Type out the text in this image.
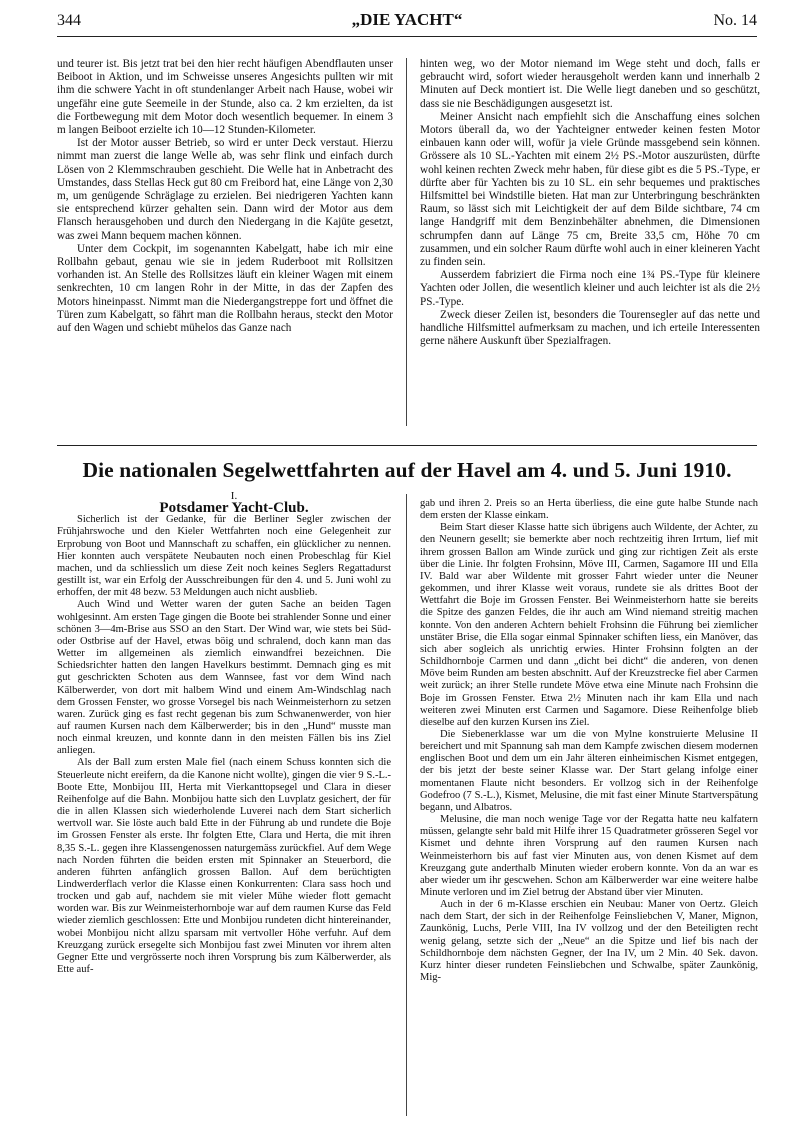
344	„DIE YACHT“	No. 14

und teurer ist. Bis jetzt trat bei den hier recht häufigen Abendflauten unser Beiboot in Aktion, und im Schweisse unseres Angesichts pullten wir mit ihm die schwere Yacht in oft stundenlanger Arbeit nach Hause, wobei wir ungefähr eine gute Seemeile in der Stunde, also ca. 2 km erzielten, da ist die Fortbewegung mit dem Motor doch wesentlich bequemer. In einem 3 m langen Beiboot erzielte ich 10—12 Stunden-Kilometer.

Ist der Motor ausser Betrieb, so wird er unter Deck verstaut. Hierzu nimmt man zuerst die lange Welle ab, was sehr flink und einfach durch Lösen von 2 Klemmschrauben geschieht. Die Welle hat in Anbetracht des Umstandes, dass Stellas Heck gut 80 cm Freibord hat, eine Länge von 2,30 m, um genügende Schräglage zu erzielen. Bei niedrigeren Yachten kann sie entsprechend kürzer gehalten sein. Dann wird der Motor aus dem Flansch herausgehoben und durch den Niedergang in die Kajüte gesetzt, was zwei Mann bequem machen können.

Unter dem Cockpit, im sogenannten Kabelgatt, habe ich mir eine Rollbahn gebaut, genau wie sie in jedem Ruderboot mit Rollsitzen vorhanden ist. An Stelle des Rollsitzes läuft ein kleiner Wagen mit einem senkrechten, 10 cm langen Rohr in der Mitte, in das der Zapfen des Motors hineinpasst. Nimmt man die Niedergangstreppe fort und öffnet die Türen zum Kabelgatt, so fährt man die Rollbahn heraus, steckt den Motor auf den Wagen und schiebt mühelos das Ganze nach

hinten weg, wo der Motor niemand im Wege steht und doch, falls er gebraucht wird, sofort wieder herausgeholt werden kann und innerhalb 2 Minuten auf Deck montiert ist. Die Welle liegt daneben und so geschützt, dass sie nie Beschädigungen ausgesetzt ist.

Meiner Ansicht nach empfiehlt sich die Anschaffung eines solchen Motors überall da, wo der Yachteigner entweder keinen festen Motor einbauen kann oder will, wofür ja viele Gründe massgebend sein können. Grössere als 10 SL.-Yachten mit einem 2½ PS.-Motor auszurüsten, dürfte wohl keinen rechten Zweck mehr haben, für diese gibt es die 5 PS.-Type, er dürfte aber für Yachten bis zu 10 SL. ein sehr bequemes und praktisches Hilfsmittel bei Windstille bieten. Hat man zur Unterbringung beschränkten Raum, so lässt sich mit Leichtigkeit der auf dem Bilde sichtbare, 74 cm lange Handgriff mit dem Benzinbehälter abnehmen, die Dimensionen schrumpfen dann auf Länge 75 cm, Breite 33,5 cm, Höhe 70 cm zusammen, und ein solcher Raum dürfte wohl auch in einer kleineren Yacht zu finden sein.

Ausserdem fabriziert die Firma noch eine 1¾ PS.-Type für kleinere Yachten oder Jollen, die wesentlich kleiner und auch leichter ist als die 2½ PS.-Type.

Zweck dieser Zeilen ist, besonders die Tourensegler auf das nette und handliche Hilfsmittel aufmerksam zu machen, und ich erteile Interessenten gerne nähere Auskunft über Spezialfragen.

Die nationalen Segelwettfahrten auf der Havel am 4. und 5. Juni 1910.

I.

Potsdamer Yacht-Club.

Sicherlich ist der Gedanke, für die Berliner Segler zwischen der Frühjahrswoche und den Kieler Wettfahrten noch eine Gelegenheit zur Erprobung von Boot und Mannschaft zu schaffen, ein glücklicher zu nennen. Hier konnten auch verspätete Neubauten noch einen Probeschlag für Kiel machen, und da schliesslich um diese Zeit noch keines Seglers Regattadurst gestillt ist, war ein Erfolg der Ausschreibungen für den 4. und 5. Juni wohl zu erhoffen, der mit 48 bezw. 53 Meldungen auch nicht ausblieb.

Auch Wind und Wetter waren der guten Sache an beiden Tagen wohlgesinnt. Am ersten Tage gingen die Boote bei strahlender Sonne und einer schönen 3—4m-Brise aus SSO an den Start. Der Wind war, wie stets bei Süd- oder Ostbrise auf der Havel, etwas böig und schralend, doch kann man das Wetter im allgemeinen als ziemlich einwandfrei bezeichnen. Die Schiedsrichter hatten den langen Havelkurs bestimmt. Demnach ging es mit gut geschrickten Schoten aus dem Wannsee, fast vor dem Wind nach Kälberwerder, von dort mit halbem Wind und einem Am-Windschlag nach dem Grossen Fenster, wo grosse Vorsegel bis nach Weinmeisterhorn zu setzen waren. Zurück ging es fast recht gegenan bis zum Schwanenwerder, von hier auf raumen Kursen nach dem Kälberwerder; bis in den „Hund“ musste man noch einmal kreuzen, und konnte dann in den meisten Fällen bis ins Ziel anliegen.

Als der Ball zum ersten Male fiel (nach einem Schuss konnten sich die Steuerleute nicht ereifern, da die Kanone nicht wollte), gingen die vier 9 S.-L.-Boote Ette, Monbijou III, Herta mit Vierkanttopsegel und Clara in dieser Reihenfolge auf die Bahn. Monbijou hatte sich den Luvplatz gesichert, der für die in allen Klassen sich wiederholende Luverei nach dem Start sicherlich wertvoll war. Sie löste auch bald Ette in der Führung ab und rundete die Boje im Grossen Fenster als erste. Ihr folgten Ette, Clara und Herta, die mit ihren 8,35 S.-L. gegen ihre Klassengenossen naturgemäss zurückfiel. Auf dem Wege nach Norden führten die beiden ersten mit Spinnaker an Steuerbord, die anderen führten anfänglich grossen Ballon. Auf dem berüchtigten Lindwerderflach verlor die Klasse einen Konkurrenten: Clara sass hoch und trocken und gab auf, nachdem sie mit vieler Mühe wieder flott gemacht worden war. Bis zur Weinmeisterhornboje war auf dem raumen Kurse das Feld wieder ziemlich geschlossen: Ette und Monbijou rundeten dicht hintereinander, wobei Monbijou nicht allzu sparsam mit vertvoller Höhe verfuhr. Auf dem Kreuzgang zurück ersegelte sich Monbijou fast zwei Minuten vor ihrem alten Gegner Ette und vergrösserte noch ihren Vorsprung bis zum Kälberwerder, als Ette auf-

gab und ihren 2. Preis so an Herta überliess, die eine gute halbe Stunde nach dem ersten der Klasse einkam.

Beim Start dieser Klasse hatte sich übrigens auch Wildente, der Achter, zu den Neunern gesellt; sie bemerkte aber noch rechtzeitig ihren Irrtum, lief mit ihrem grossen Ballon am Winde zurück und ging zur richtigen Zeit als erste über die Linie. Ihr folgten Frohsinn, Möve III, Carmen, Sagamore III und Ella IV. Bald war aber Wildente mit grosser Fahrt wieder unter die Neuner gekommen, und ihrer Klasse weit voraus, rundete sie als drittes Boot der Wettfahrt die Boje im Grossen Fenster. Bei Weinmeisterhorn hatte sie bereits die Spitze des ganzen Feldes, die ihr auch am Wind niemand streitig machen konnte. Von den anderen Achtern behielt Frohsinn die Führung bei ziemlicher unstäter Brise, die Ella sogar einmal Spinnaker schiften liess, ein Manöver, das sich aber sogleich als unrichtig erwies. Hinter Frohsinn folgten an der Schildhornboje Carmen und dann „dicht bei dicht“ die anderen, von denen Möve beim Runden am besten abschnitt. Auf der Kreuzstrecke fiel aber Carmen weit zurück; an ihrer Stelle rundete Möve etwa eine Minute nach Frohsinn die Boje im Grossen Fenster. Etwa 2½ Minuten nach ihr kam Ella und nach weiteren zwei Minuten erst Carmen und Sagamore. Diese Reihenfolge blieb dieselbe auf den kurzen Kursen ins Ziel.

Die Siebenerklasse war um die von Mylne konstruierte Melusine II bereichert und mit Spannung sah man dem Kampfe zwischen diesem modernen englischen Boot und dem um ein Jahr älteren einheimischen Kismet entgegen, der bis jetzt der beste seiner Klasse war. Der Start gelang infolge einer momentanen Flaute nicht besonders. Er vollzog sich in der Reihenfolge Godefroo (7 S.-L.), Kismet, Melusine, die mit fast einer Minute Startverspätung begann, und Albatros.

Melusine, die man noch wenige Tage vor der Regatta hatte neu kalfatern müssen, gelangte sehr bald mit Hilfe ihrer 15 Quadratmeter grösseren Segel vor Kismet und dehnte ihren Vorsprung auf den raumen Kursen nach Weinmeisterhorn bis auf fast vier Minuten aus, von denen Kismet auf dem Kreuzgang gute anderthalb Minuten wieder erobern konnte. Von da an war es aber wieder um ihr gescwehen. Schon am Kälberwerder war eine weitere halbe Minute verloren und im Ziel betrug der Abstand über vier Minuten.

Auch in der 6 m-Klasse erschien ein Neubau: Maner von Oertz. Gleich nach dem Start, der sich in der Reihenfolge Feinsliebchen V, Maner, Mignon, Zaunkönig, Luchs, Perle VIII, Ina IV vollzog und der den Beteiligten recht wenig gelang, setzte sich der „Neue“ an die Spitze und lief bis nach der Schildhornboje dem nächsten Gegner, der Ina IV, um 2 Min. 40 Sek. davon. Kurz hinter dieser rundeten Feinsliebchen und Schwalbe, später Zaunkönig, Mig-
